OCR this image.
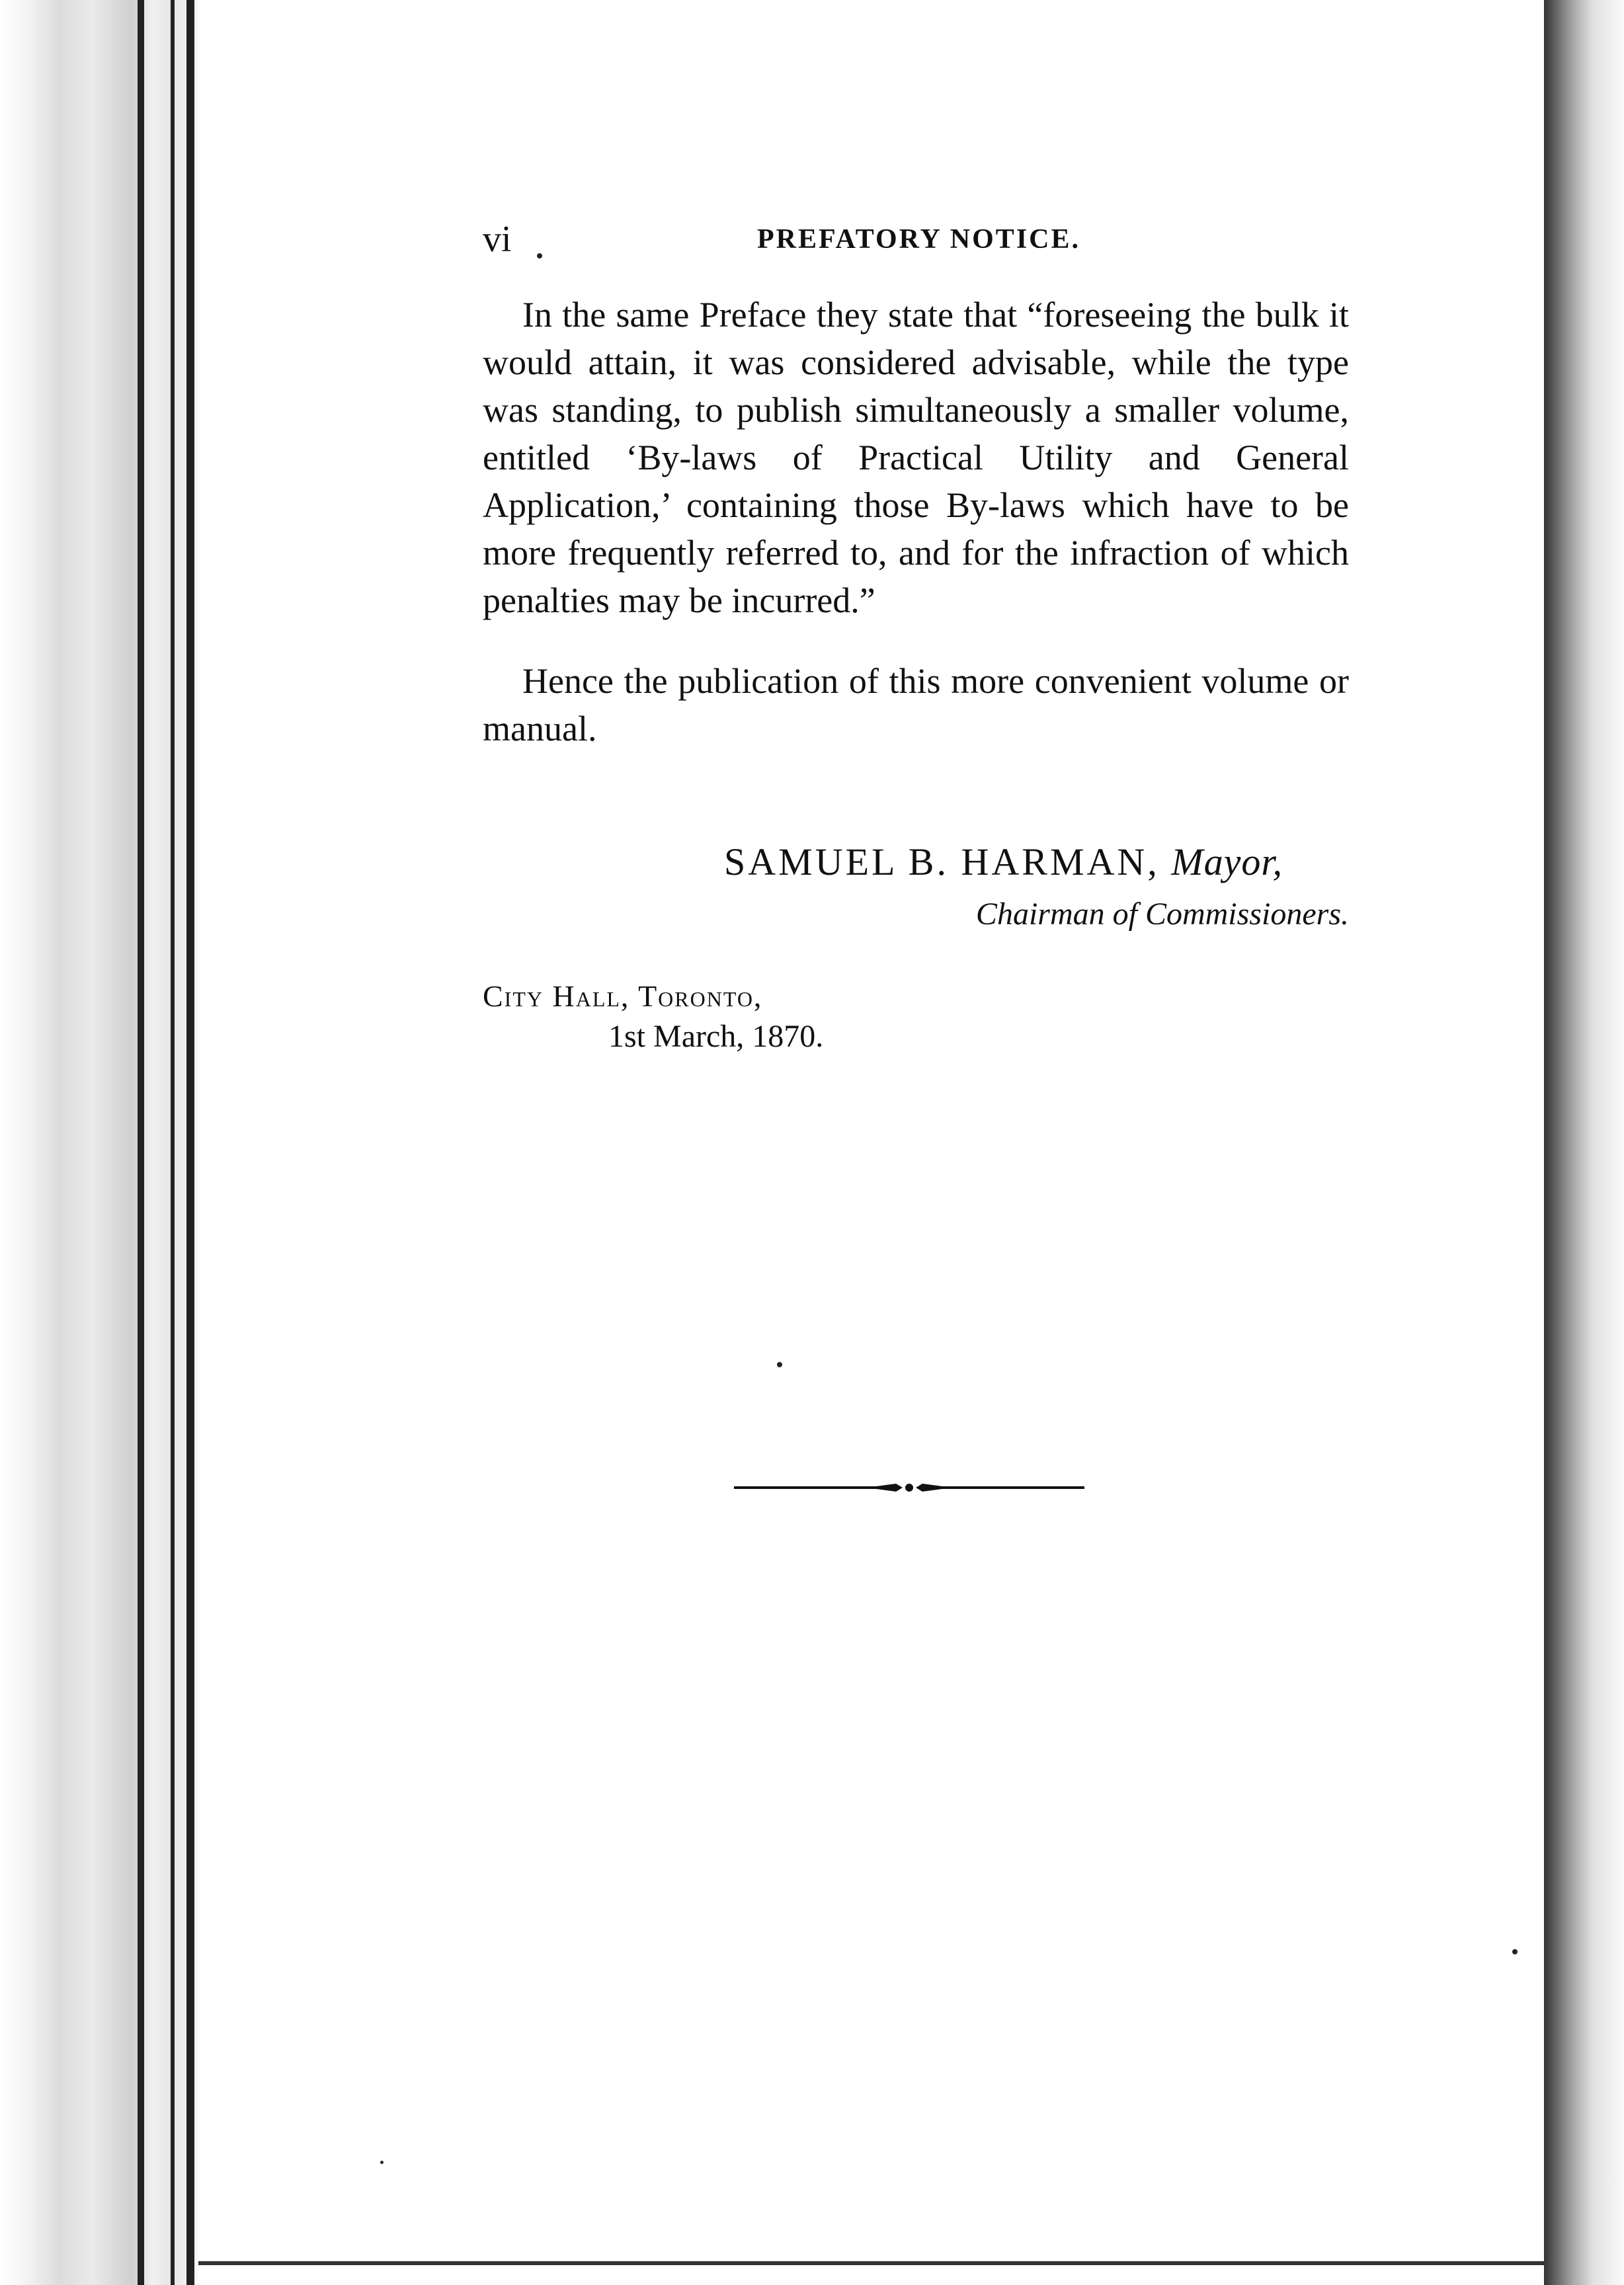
vi	PREFATORY NOTICE.

In the same Preface they state that “foreseeing the bulk it would attain, it was considered advisable, while the type was standing, to publish simultaneously a smaller volume, entitled ‘By-laws of Practical Utility and General Application,’ containing those By-laws which have to be more frequently referred to, and for the infraction of which penalties may be incurred.”

Hence the publication of this more convenient volume or manual.

SAMUEL B. HARMAN, Mayor,
Chairman of Commissioners.
City Hall, Toronto,
1st March, 1870.
